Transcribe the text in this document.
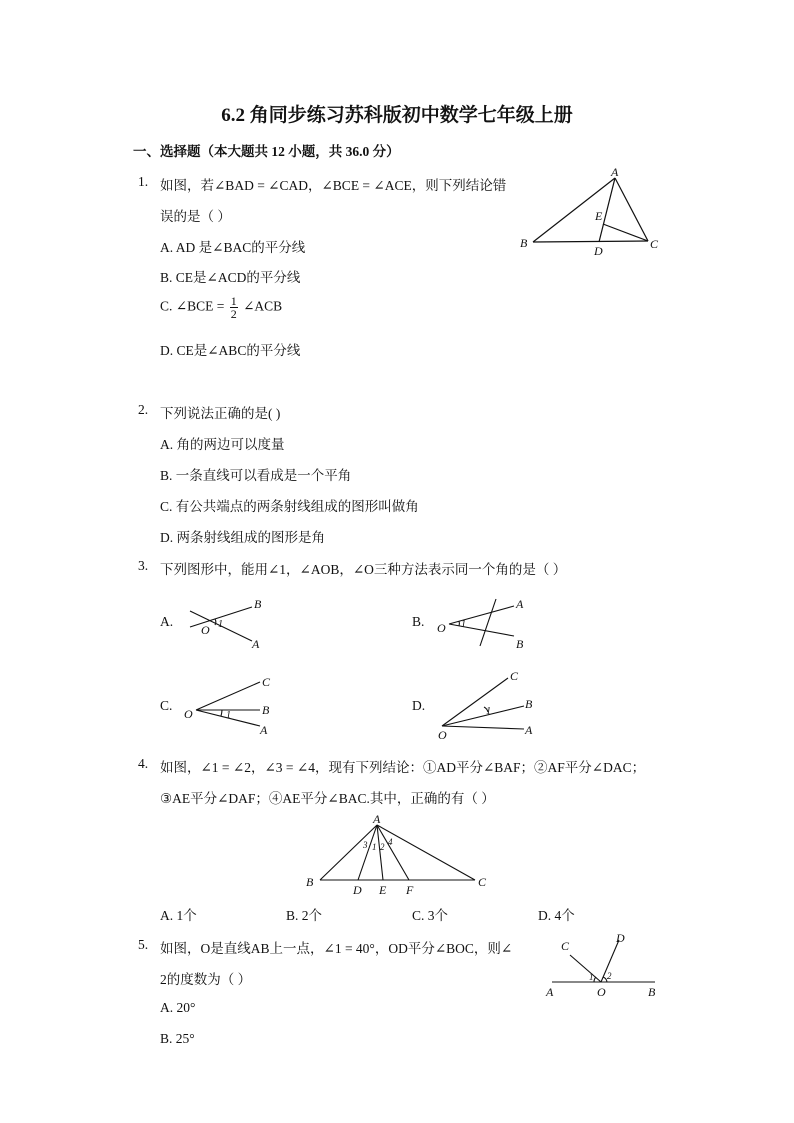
6.2 角同步练习苏科版初中数学七年级上册
一、选择题（本大题共 12 小题，共 36.0 分）
1. 如图，若∠BAD = ∠CAD，∠BCE = ∠ACE，则下列结论错
误的是（ ）
A. AD 是∠BAC的平分线
B. CE是∠ACD的平分线
C. ∠BCE = $\frac{1}{2}$ ∠ACB
D. CE是∠ABC的平分线
A
B	C
D
E
2. 下列说法正确的是( )
A. 角的两边可以度量
B. 一条直线可以看成是一个平角
C. 有公共端点的两条射线组成的图形叫做角
D. 两条射线组成的图形是角
3. 下列图形中，能用∠1，∠AOB，∠O三种方法表示同一个角的是（ ）
A.
O 1
B
A
B. O 1
A
B
C.
O	1
C
B
A
D.
O
1
C
B
A
4. 如图，∠1 = ∠2，∠3 = ∠4，现有下列结论：①AD平分∠BAF；②AF平分∠DAC；
③AE平分∠DAF；④AE平分∠BAC.其中，正确的有（ ）
A
B	C
D E F
3 1 2 4
A. 1个	B. 2个	C. 3个	D. 4个
5. 如图，O是直线AB上一点，∠1 = 40°，OD平分∠BOC，则∠
2的度数为（ ）
A. 20°
B. 25°
A	O	B
C
D
1 2
